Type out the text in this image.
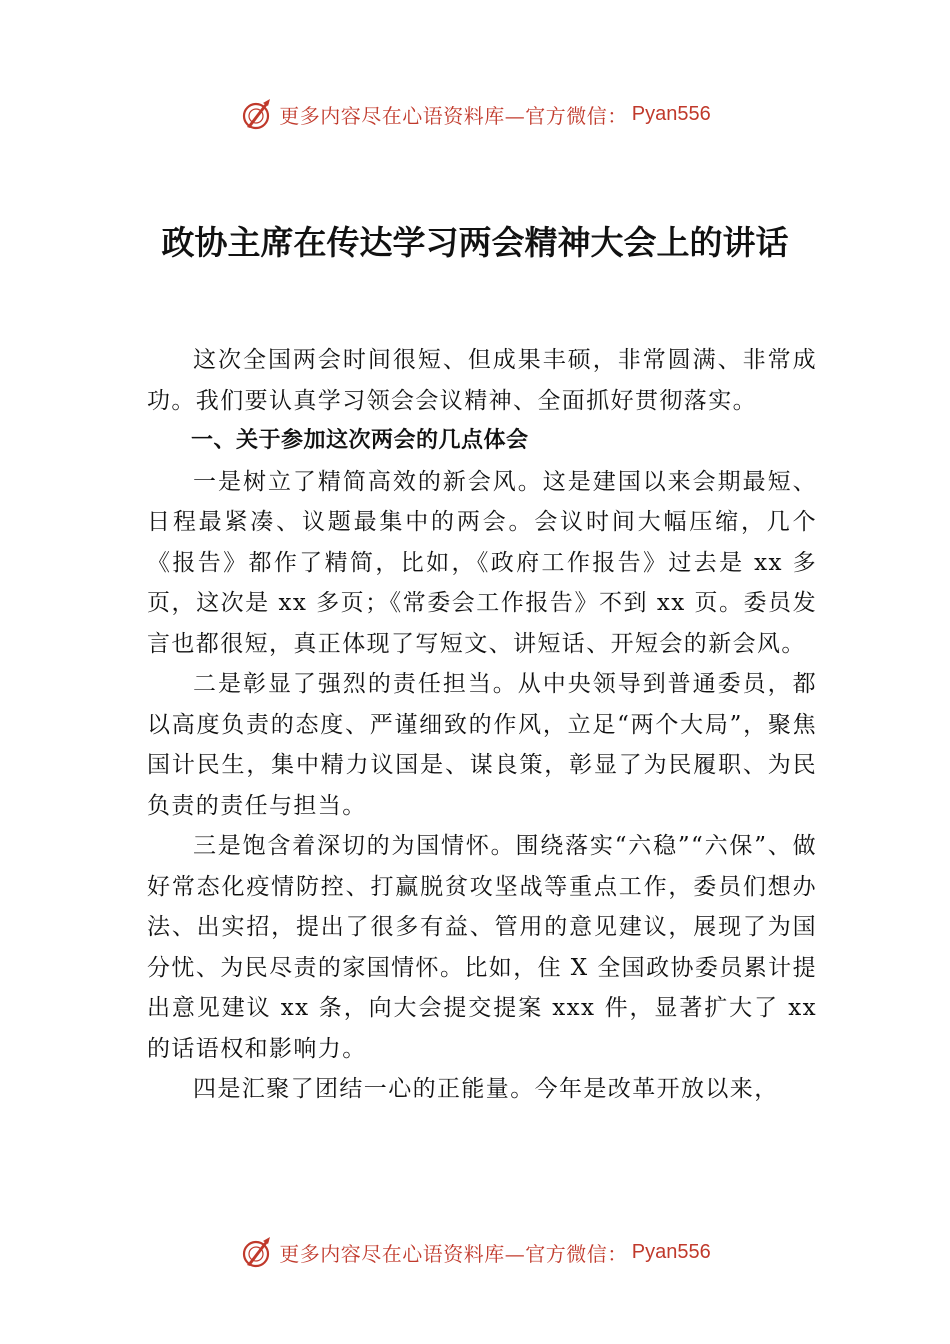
更多内容尽在心语资料库—官方微信： Pyan556
政协主席在传达学习两会精神大会上的讲话

这次全国两会时间很短、但成果丰硕，非常圆满、非常成功。我们要认真学习领会会议精神、全面抓好贯彻落实。

一、关于参加这次两会的几点体会

一是树立了精简高效的新会风。这是建国以来会期最短、日程最紧凑、议题最集中的两会。会议时间大幅压缩，几个《报告》都作了精简，比如，《政府工作报告》过去是 xx 多页，这次是 xx 多页；《常委会工作报告》不到 xx 页。委员发言也都很短，真正体现了写短文、讲短话、开短会的新会风。

二是彰显了强烈的责任担当。从中央领导到普通委员，都以高度负责的态度、严谨细致的作风，立足“两个大局”，聚焦国计民生，集中精力议国是、谋良策，彰显了为民履职、为民负责的责任与担当。

三是饱含着深切的为国情怀。围绕落实“六稳”“六保”、做好常态化疫情防控、打赢脱贫攻坚战等重点工作，委员们想办法、出实招，提出了很多有益、管用的意见建议，展现了为国分忧、为民尽责的家国情怀。比如，住 X 全国政协委员累计提出意见建议 xx 条，向大会提交提案 xxx 件，显著扩大了 xx 的话语权和影响力。

四是汇聚了团结一心的正能量。今年是改革开放以来，

更多内容尽在心语资料库—官方微信： Pyan556
